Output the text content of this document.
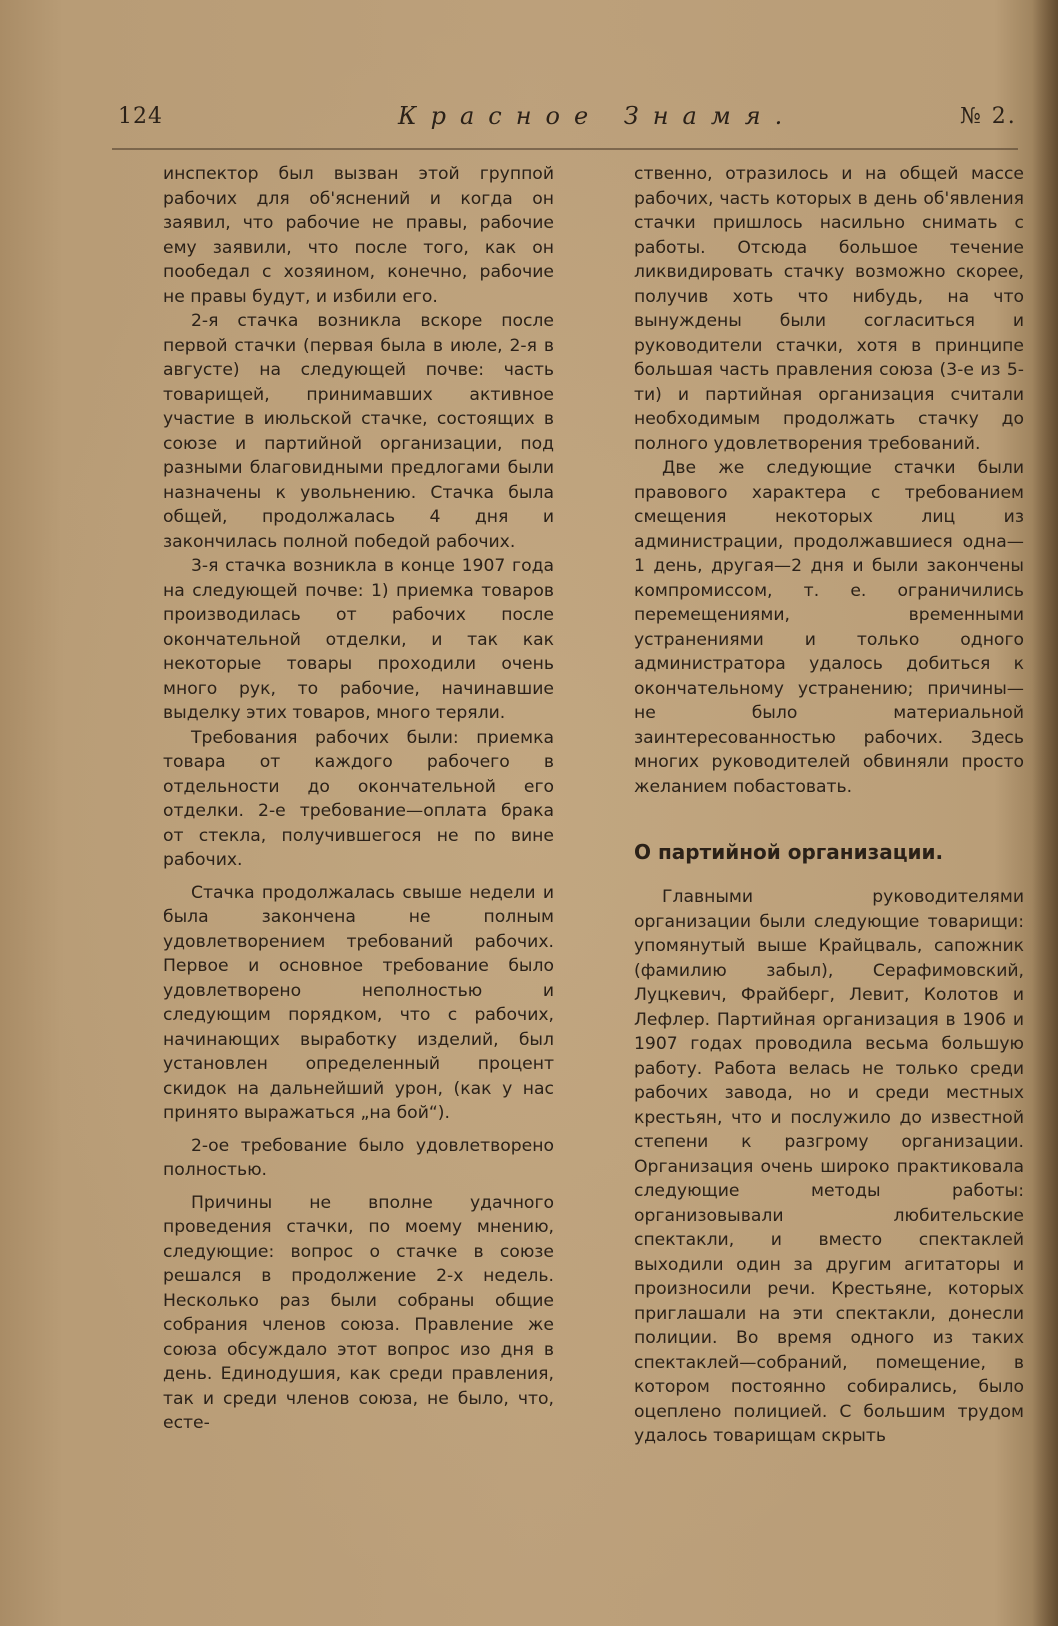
124	Красное Знамя.	№ 2.

инспектор был вызван этой группой рабочих для об'яснений и когда он заявил, что рабочие не правы, рабочие ему заявили, что после того, как он пообедал с хозяином, конечно, рабочие не правы будут, и избили его.

2-я стачка возникла вскоре после первой стачки (первая была в июле, 2-я в августе) на следующей почве: часть товарищей, принимавших активное участие в июльской стачке, состоящих в союзе и партийной организации, под разными благовидными предлогами были назначены к увольнению. Стачка была общей, продолжалась 4 дня и закончилась полной победой рабочих.

3-я стачка возникла в конце 1907 года на следующей почве: 1) приемка товаров производилась от рабочих после окончательной отделки, и так как некоторые товары проходили очень много рук, то рабочие, начинавшие выделку этих товаров, много теряли.

Требования рабочих были: приемка товара от каждого рабочего в отдельности до окончательной его отделки. 2-е требование—оплата брака от стекла, получившегося не по вине рабочих.

Стачка продолжалась свыше недели и была закончена не полным удовлетворением требований рабочих. Первое и основное требование было удовлетворено неполностью и следующим порядком, что с рабочих, начинающих выработку изделий, был установлен определенный процент скидок на дальнейший урон, (как у нас принято выражаться „на бой“).

2-ое требование было удовлетворено полностью.

Причины не вполне удачного проведения стачки, по моему мнению, следующие: вопрос о стачке в союзе решался в продолжение 2-х недель. Несколько раз были собраны общие собрания членов союза. Правление же союза обсуждало этот вопрос изо дня в день. Единодушия, как среди правления, так и среди членов союза, не было, что, есте-

ственно, отразилось и на общей массе рабочих, часть которых в день об'явления стачки пришлось насильно снимать с работы. Отсюда большое течение ликвидировать стачку возможно скорее, получив хоть что нибудь, на что вынуждены были согласиться и руководители стачки, хотя в принципе большая часть правления союза (3-е из 5-ти) и партийная организация считали необходимым продолжать стачку до полного удовлетворения требований.

Две же следующие стачки были правового характера с требованием смещения некоторых лиц из администрации, продолжавшиеся одна—1 день, другая—2 дня и были закончены компромиссом, т. е. ограничились перемещениями, временными устранениями и только одного администратора удалось добиться к окончательному устранению; причины—не было материальной заинтересованностью рабочих. Здесь многих руководителей обвиняли просто желанием побастовать.

О партийной организации.

Главными руководителями организации были следующие товарищи: упомянутый выше Крайцваль, сапожник (фамилию забыл), Серафимовский, Луцкевич, Фрайберг, Левит, Колотов и Лефлер. Партийная организация в 1906 и 1907 годах проводила весьма большую работу. Работа велась не только среди рабочих завода, но и среди местных крестьян, что и послужило до известной степени к разгрому организации. Организация очень широко практиковала следующие методы работы: организовывали любительские спектакли, и вместо спектаклей выходили один за другим агитаторы и произносили речи. Крестьяне, которых приглашали на эти спектакли, донесли полиции. Во время одного из таких спектаклей—собраний, помещение, в котором постоянно собирались, было оцеплено полицией. С большим трудом удалось товарищам скрыть
